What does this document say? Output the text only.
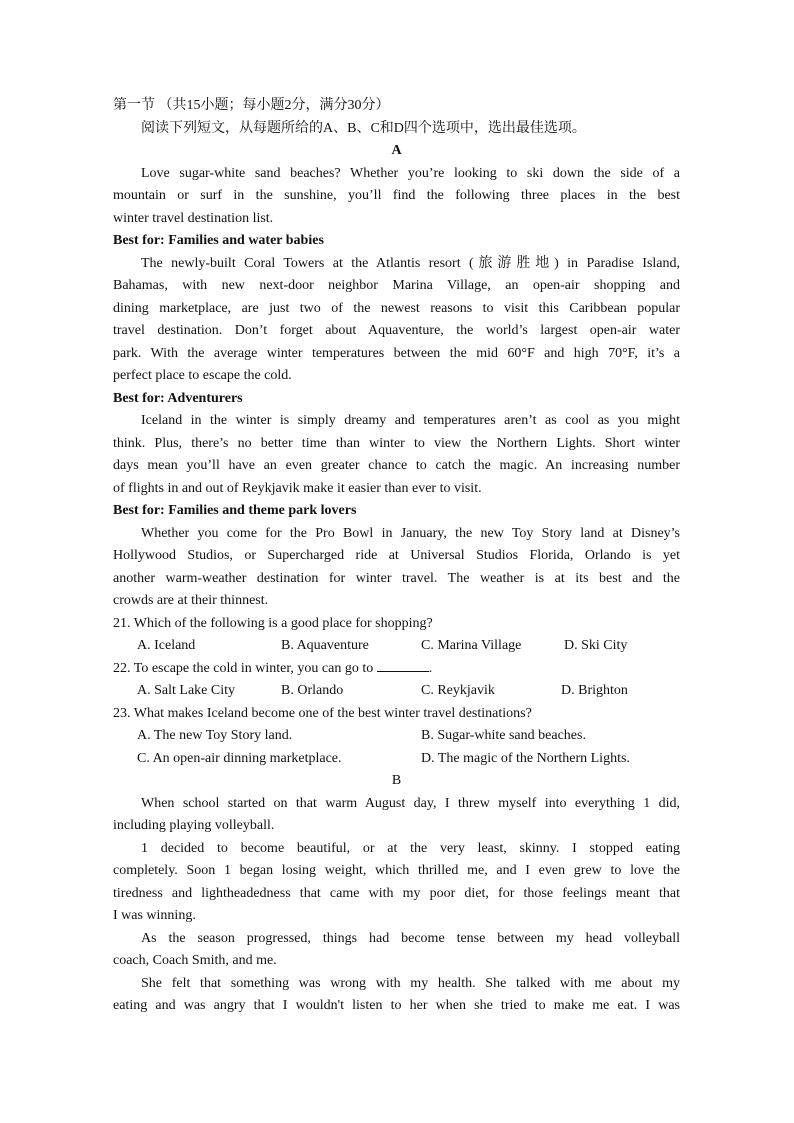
第一节 （共15小题；每小题2分，满分30分）
阅读下列短文，从每题所给的A、B、C和D四个选项中，选出最佳选项。
A
Love sugar-white sand beaches? Whether you’re looking to ski down the side of a
mountain or surf in the sunshine, you’ll find the following three places in the best
winter travel destination list.
Best for: Families and water babies
The newly-built Coral Towers at the Atlantis resort (旅游胜地) in Paradise Island,
Bahamas, with new next-door neighbor Marina Village, an open-air shopping and
dining marketplace, are just two of the newest reasons to visit this Caribbean popular
travel destination. Don’t forget about Aquaventure, the world’s largest open-air water
park. With the average winter temperatures between the mid 60°F and high 70°F, it’s a
perfect place to escape the cold.
Best for: Adventurers
Iceland in the winter is simply dreamy and temperatures aren’t as cool as you might
think. Plus, there’s no better time than winter to view the Northern Lights. Short winter
days mean you’ll have an even greater chance to catch the magic. An increasing number
of flights in and out of Reykjavik make it easier than ever to visit.
Best for: Families and theme park lovers
Whether you come for the Pro Bowl in January, the new Toy Story land at Disney’s
Hollywood Studios, or Supercharged ride at Universal Studios Florida, Orlando is yet
another warm-weather destination for winter travel. The weather is at its best and the
crowds are at their thinnest.
21. Which of the following is a good place for shopping?
A. Iceland	B. Aquaventure	C. Marina Village	D. Ski City
22. To escape the cold in winter, you can go to	.
A. Salt Lake City	B. Orlando	C. Reykjavik	D. Brighton
23. What makes Iceland become one of the best winter travel destinations?
A. The new Toy Story land.	B. Sugar-white sand beaches.
C. An open-air dinning marketplace.	D. The magic of the Northern Lights.
B
When school started on that warm August day, I threw myself into everything 1 did,
including playing volleyball.
1 decided to become beautiful, or at the very least, skinny. I stopped eating
completely. Soon 1 began losing weight, which thrilled me, and I even grew to love the
tiredness and lightheadedness that came with my poor diet, for those feelings meant that
I was winning.
As the season progressed, things had become tense between my head volleyball
coach, Coach Smith, and me.
She felt that something was wrong with my health. She talked with me about my
eating and was angry that I wouldn't listen to her when she tried to make me eat. I was
